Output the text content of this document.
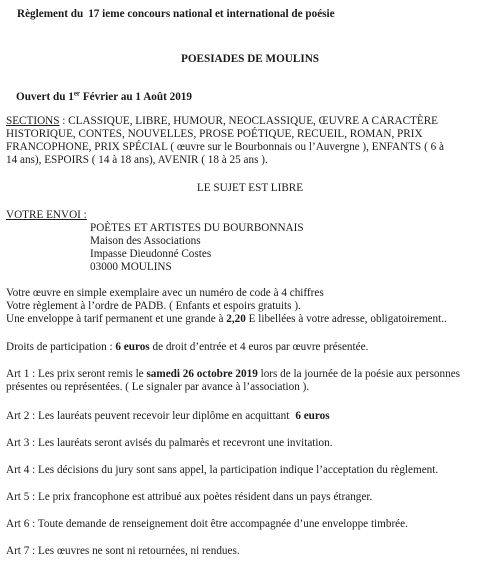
Règlement du 17 ieme concours national et international de poésie
POESIADES DE MOULINS
Ouvert du 1er Février au 1 Août 2019
SECTIONS : CLASSIQUE, LIBRE, HUMOUR, NEOCLASSIQUE, ŒUVRE A CARACTÈRE
HISTORIQUE, CONTES, NOUVELLES, PROSE POÉTIQUE, RECUEIL, ROMAN, PRIX
FRANCOPHONE, PRIX SPÉCIAL ( œuvre sur le Bourbonnais ou l’Auvergne ), ENFANTS ( 6 à
14 ans), ESPOIRS ( 14 à 18 ans), AVENIR ( 18 à 25 ans ).
LE SUJET EST LIBRE
VOTRE ENVOI :
POÈTES ET ARTISTES DU BOURBONNAIS
Maison des Associations
Impasse Dieudonné Costes
03000 MOULINS
Votre œuvre en simple exemplaire avec un numéro de code à 4 chiffres
Votre règlement à l’ordre de PADB. ( Enfants et espoirs gratuits ).
Une enveloppe à tarif permanent et une grande à 2,20 E libellées à votre adresse, obligatoirement..
Droits de participation : 6 euros de droit d’entrée et 4 euros par œuvre présentée.
Art 1 : Les prix seront remis le samedi 26 octobre 2019 lors de la journée de la poésie aux personnes
présentes ou représentées. ( Le signaler par avance à l’association ).
Art 2 : Les lauréats peuvent recevoir leur diplôme en acquittant 6 euros
Art 3 : Les lauréats seront avisés du palmarès et recevront une invitation.
Art 4 : Les décisions du jury sont sans appel, la participation indique l’acceptation du règlement.
Art 5 : Le prix francophone est attribué aux poètes résident dans un pays étranger.
Art 6 : Toute demande de renseignement doit être accompagnée d’une enveloppe timbrée.
Art 7 : Les œuvres ne sont ni retournées, ni rendues.
